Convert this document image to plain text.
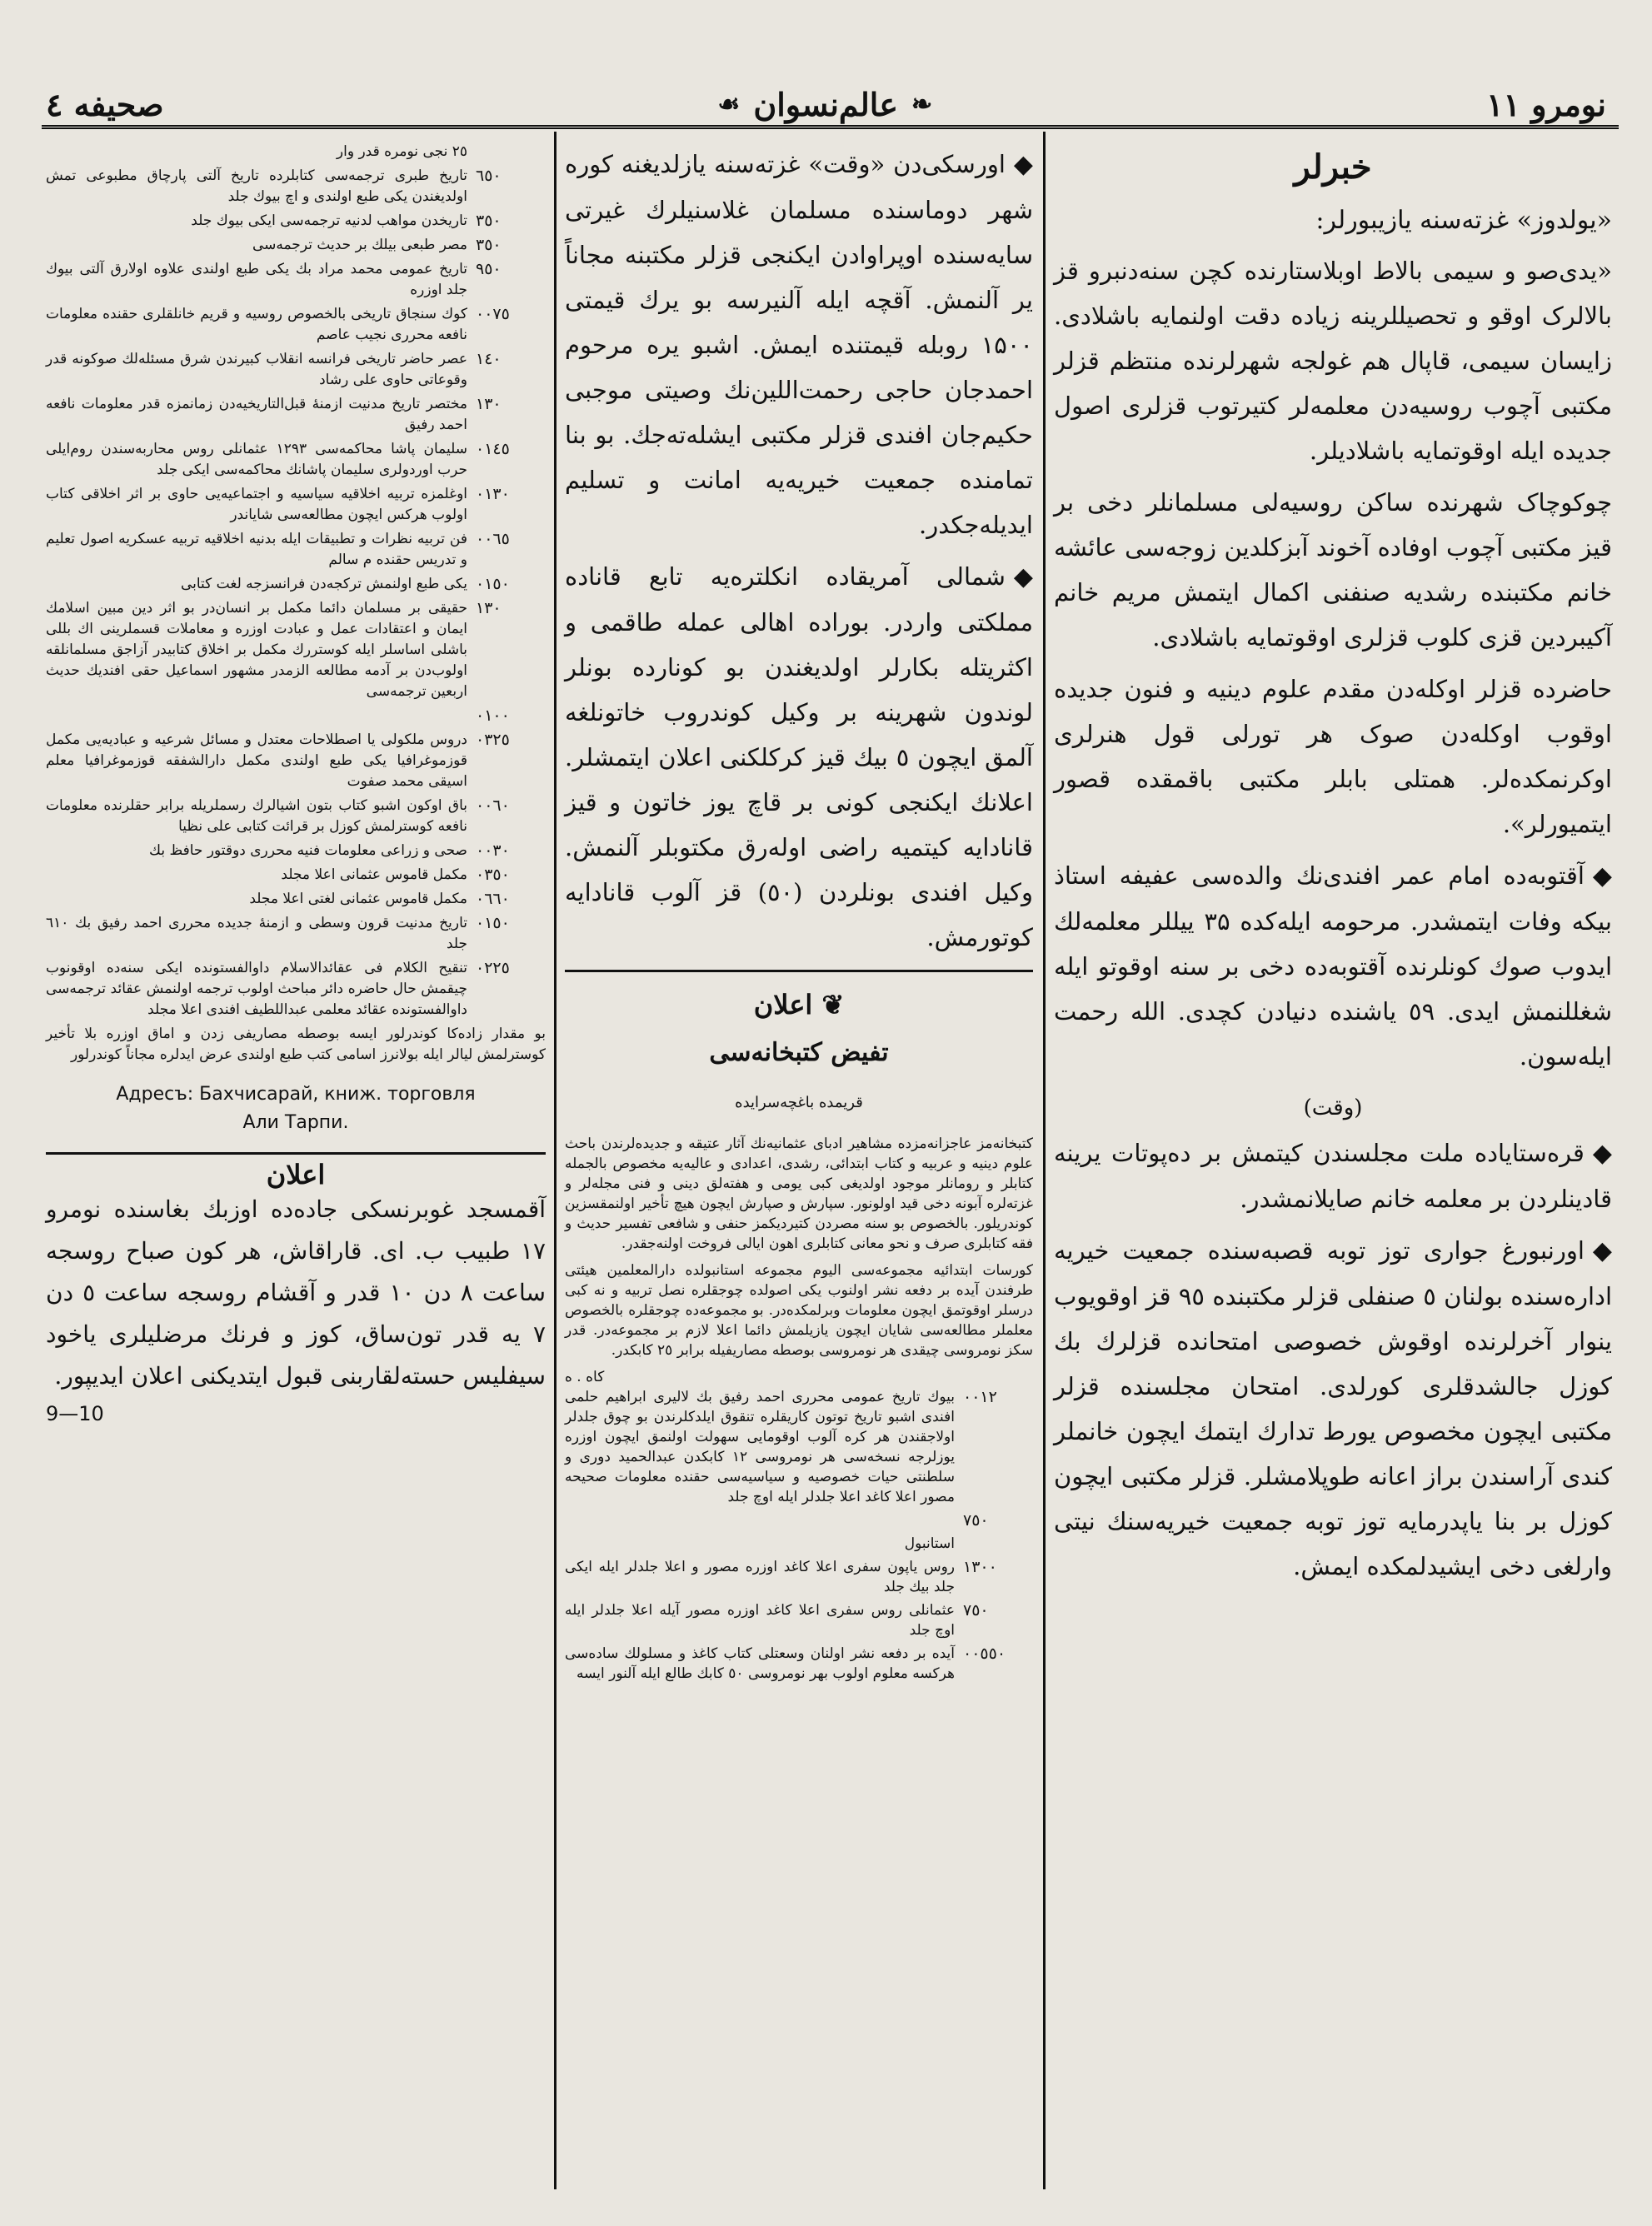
نومرو ۱۱
❧
عالم‌نسوان
☙
صحیفه ٤
خبرلر
«یولدوز» غزته‌سنه یازیبورلر:

«یدی‌صو و سیمی بالاط اوبلاستارنده کچن سنه‌دنبرو قز بالالرک اوقو و تحصیللرینه زیاده دقت اولنمایه باشلادی. زایسان سیمی، قاپال هم غولجه شهرلرنده منتظم قزلر مکتبی آچوب روسیه‌دن معلمه‌لر کتیرتوب قزلری اصول جدیده ایله اوقوتمایه باشلادیلر.

چوکوچاک شهرنده ساکن روسیه‌لی مسلمانلر دخی بر قیز مکتبی آچوب اوفاده آخوند آبزکلدین زوجه‌سی عائشه خانم مکتبنده رشدیه صنفنی اکمال ایتمش مریم خانم آکیبردین قزی کلوب قزلری اوقوتمایه باشلادی.

حاضرده قزلر اوکله‌دن مقدم علوم دینیه و فنون جدیده اوقوب اوکله‌دن صوک هر تورلی قول هنرلری اوکرنمکده‌لر. همتلی بابلر مکتبی باقمقده قصور ایتمیورلر».

◆آقتوبه‌ده امام عمر افندی‌نك والده‌سی عفیفه استاذ بیکه وفات ایتمشدر. مرحومه ایله‌کده ۳۵ ییللر معلمه‌لك ایدوب صوك کونلرنده آقتوبه‌ده دخی بر سنه اوقوتو ایله شغللنمش ایدی. ٥٩ یاشنده دنیادن کچدی. الله رحمت ایله‌سون.

(وقت)

◆قره‌ستاياده ملت مجلسندن کیتمش بر ده‌پوتات یرینه قادینلردن بر معلمه خانم صايلانمشدر.

◆اورنبورغ جواری توز توبه قصبه‌سنده جمعیت خیریه اداره‌سنده بولنان ٥ صنفلی قزلر مکتبنده ٩٥ قز اوقویوب ینوار آخرلرنده اوقوش خصوصی امتحانده قزلرك بك کوزل جالشدقلری کورلدی. امتحان مجلسنده قزلر مکتبی ایچون مخصوص یورط تدارك ایتمك ایچون خانملر کندی آراسندن براز اعانه طوپلامشلر. قزلر مکتبی ایچون کوزل بر بنا یاپدرمایه توز توبه جمعیت خیریه‌سنك نیتی وارلغی دخی ایشیدلمکده ایمش.

◆اورسکی‌دن «وقت» غزته‌سنه یازلدیغنه کوره شهر دوماسنده مسلمان غلاسنیلرك غیرتی سایه‌سنده اوپراوادن ایکنجی قزلر مکتبنه مجاناً یر آلنمش. آقچه ایله آلنیرسه بو یرك قیمتی ۱۵۰۰ روبله قیمتنده ایمش. اشبو یره مرحوم احمدجان حاجی رحمت‌اللین‌نك وصیتی موجبی حکیم‌جان افندی قزلر مکتبی ایشله‌تەجك. بو بنا تمامنده جمعیت خیریه‌یه امانت و تسلیم ایدیله‌جکدر.

◆شمالی آمریقاده انکلتره‌یه تابع قاناده مملکتی واردر. بوراده اهالی عمله طاقمی و اکثریتله بکارلر اولدیغندن بو کونارده بونلر لوندون شهرینه بر وکیل کوندروب خاتونلغه آلمق ایچون ٥ بیك قیز کرکلکنی اعلان ایتمشلر. اعلانك ایکنجی کونی بر قاچ یوز خاتون و قیز قانادایه کیتمیه راضی اوله‌رق مکتوبلر آلنمش. وکیل افندی بونلردن (٥٠) قز آلوب قانادایه کوتورمش.

❦ اعلان
تفیض کتبخانه‌سی
قریمده باغچه‌سرایده

کتبخانه‌مز عاجزانه‌مزده مشاهیر ادبای عثمانیه‌نك آثار عتیقه و جدیده‌لرندن باحث علوم دینیه و عربیه و کتاب ابتدائی، رشدی، اعدادی و عالیه‌یه مخصوص بالجمله کتابلر و رومانلر موجود اولدیغی کبی یومی و هفته‌لق دینی و فنی مجله‌لر و غزته‌لره آبونه دخی قید اولونور. سپارش و صپارش ایچون هیچ تأخیر اولنمقسزین کوندریلور. بالخصوص بو سنه مصردن کتیردیکمز حنفی و شافعی تفسیر حدیث و فقه کتابلری صرف و نحو معانی کتابلری اهون ایالی فروخت اولنه‌جقدر.

کورسات ابتدائیه مجموعه‌سی الیوم مجموعه استانبولده دارالمعلمین هیئتی طرفندن آیده بر دفعه نشر اولنوب یکی اصولده چوجقلره نصل تربیه و نه کبی درسلر اوقوتمق ایچون معلومات وبرلمکده‌در. بو مجموعه‌ده چوجقلره بالخصوص معلملر مطالعه‌سی شایان ایچون یازیلمش دائما اعلا لازم بر مجموعه‌در. قدر سکز نومروسی چیقدی هر نومروسی بوصطه مصاریفیله برابر ۲٥ کابکدر.

کاه . ه
٠٠١٢
بیوك تاریخ عمومی محرری احمد رفیق بك لالیری ابراهیم حلمی افندی اشبو تاریخ توتون کاریقلره تنقوق ایلدکلرندن بو چوق جلدلر اولاجقندن هر کره آلوب اوقومایی سهولت اولنمق ایچون اوزره یوزلرجه نسخه‌سی هر نومروسی ۱۲ کابکدن عبدالحمید دوری و سلطنتی حیات خصوصیه و سیاسیه‌سی حقنده معلومات صحیحه مصور اعلا کاغد اعلا جلدلر ایله اوچ جلد
٧٥٠
استانبول
۱۳۰٠
روس یاپون سفری اعلا کاغد اوزره مصور و اعلا جلدلر ایله ایکی جلد بیك جلد
٧٥٠
عثمانلی روس سفری اعلا کاغد اوزره مصور آیله اعلا جلدلر ایله اوچ جلد
٠٠٥٥٠
آیده بر دفعه نشر اولنان وسعتلی کتاب کاغذ و مسلولك ساده‌سی هرکسه معلوم اولوب بهر نومروسی ٥٠ کابك طالع ایله آلنور ایسه
۲٥ نجی نومره قدر وار
٦٥٠
تاریخ طبری ترجمه‌سی کتابلرده تاریخ آلتی پارچاق مطبوعی تمش اولدیغندن یکی طبع اولندی و اچ بیوك جلد
٣٥٠
تاریخدن مواهب لدنیه ترجمه‌سی ایکی بیوك جلد
٣٥٠
مصر طبعی بیلك بر حدیث ترجمه‌سی
٩٥٠
تاریخ عمومی محمد مراد بك یکی طبع اولندی علاوه اولارق آلتی بیوك جلد اوزره
٠٠٧٥
کوك سنجاق تاریخی بالخصوص روسیه و قریم خانلقلری حقنده معلومات نافعه محرری نجیب عاصم
١٤٠
عصر حاضر تاریخی فرانسه انقلاب کبیرندن شرق مسئله‌لك صوکونه قدر وقوعاتی حاوی علی رشاد
١٣٠
مختصر تاریخ مدنیت ازمنهٔ قبل‌التاریخیه‌دن زمانمزه قدر معلومات نافعه احمد رفیق
٠١٤٥
سلیمان پاشا محاکمه‌سی ۱۲۹۳ عثمانلی روس محاربه‌سندن روم‌ایلی حرب اوردولری سلیمان پاشانك محاکمه‌سی ایکی جلد
٠١٣٠
اوغلمزه تربیه اخلاقیه سیاسیه و اجتماعیه‌یی حاوی بر اثر اخلاقی کتاب اولوب هرکس ایچون مطالعه‌سی شایاندر
٠٠٦٥
فن تربیه نظرات و تطبیقات ایله بدنیه اخلاقیه تربیه عسکریه اصول تعلیم و تدریس حقنده م سالم
٠١٥٠
یکی طبع اولنمش ترکجه‌دن فرانسزجه لغت کتابی
١٣٠
حقیقی بر مسلمان دائما مکمل بر انسان‌در بو اثر دین مبین اسلامك ایمان و اعتقادات عمل و عبادت اوزره و معاملات قسملرینی اك بللی باشلی اساسلر ایله کوستررك مکمل بر اخلاق کتابیدر آزاجق مسلمانلقه اولوب‌دن بر آدمه مطالعه الزمدر مشهور اسماعیل حقی افندیك حدیث اربعین ترجمه‌سی
٠١٠٠
٠٣٢٥
دروس ملکولی یا اصطلاحات معتدل و مسائل شرعیه و عبادیه‌یی مکمل قوزموغرافیا یکی طبع اولندی مکمل دارالشفقه قوزموغرافیا معلم اسیقی محمد صفوت
٠٠٦٠
باق اوکون اشبو کتاب بتون اشیالرك رسملریله برابر حقلرنده معلومات نافعه کوسترلمش کوزل بر قرائت کتابی علی نظیا
٠٠٣٠
صحی و زراعی معلومات فنیه محرری دوقتور حافظ بك
٠٣٥٠
مکمل قاموس عثمانی اعلا مجلد
٠٦٦٠
مکمل قاموس عثمانی لغتی اعلا مجلد
٠١٥٠
تاریخ مدنیت قرون وسطی و ازمنهٔ جدیده محرری احمد رفیق بك ٦١٠ جلد
٠٢٢٥
تنقیح الکلام فی عقائدالاسلام داوالفستونده ایکی سنه‌ده اوقونوب چیقمش حال حاضره دائر مباحث اولوب ترجمه اولنمش عقائد ترجمه‌سی داوالفستونده عقائد معلمی عبداللطیف افندی اعلا مجلد

بو مقدار زاده‌کا کوندرلور ایسه بوصطه مصاریفی زدن و اماق اوزره بلا تأخیر کوسترلمش لیالر ایله بولانرز اسامی کتب طبع اولندی عرض ایدلره مجاناً کوندرلور

Адресъ: Бахчисарай, книж. торговля
Али Тарпи.
اعلان

آقمسجد غوبرنسکی جاده‌ده اوزبك بغاسنده نومرو ۱۷ طبیب ب. ای. قاراقاش، هر کون صباح روسجه ساعت ۸ دن ۱۰ قدر و آقشام روسجه ساعت ٥ دن ۷ یه قدر تون‌ساق، کوز و فرنك مرضلیلری یاخود سیفلیس حسته‌لقاربنی قبول ایتدیکنی اعلان ایدیپور.

9—10
